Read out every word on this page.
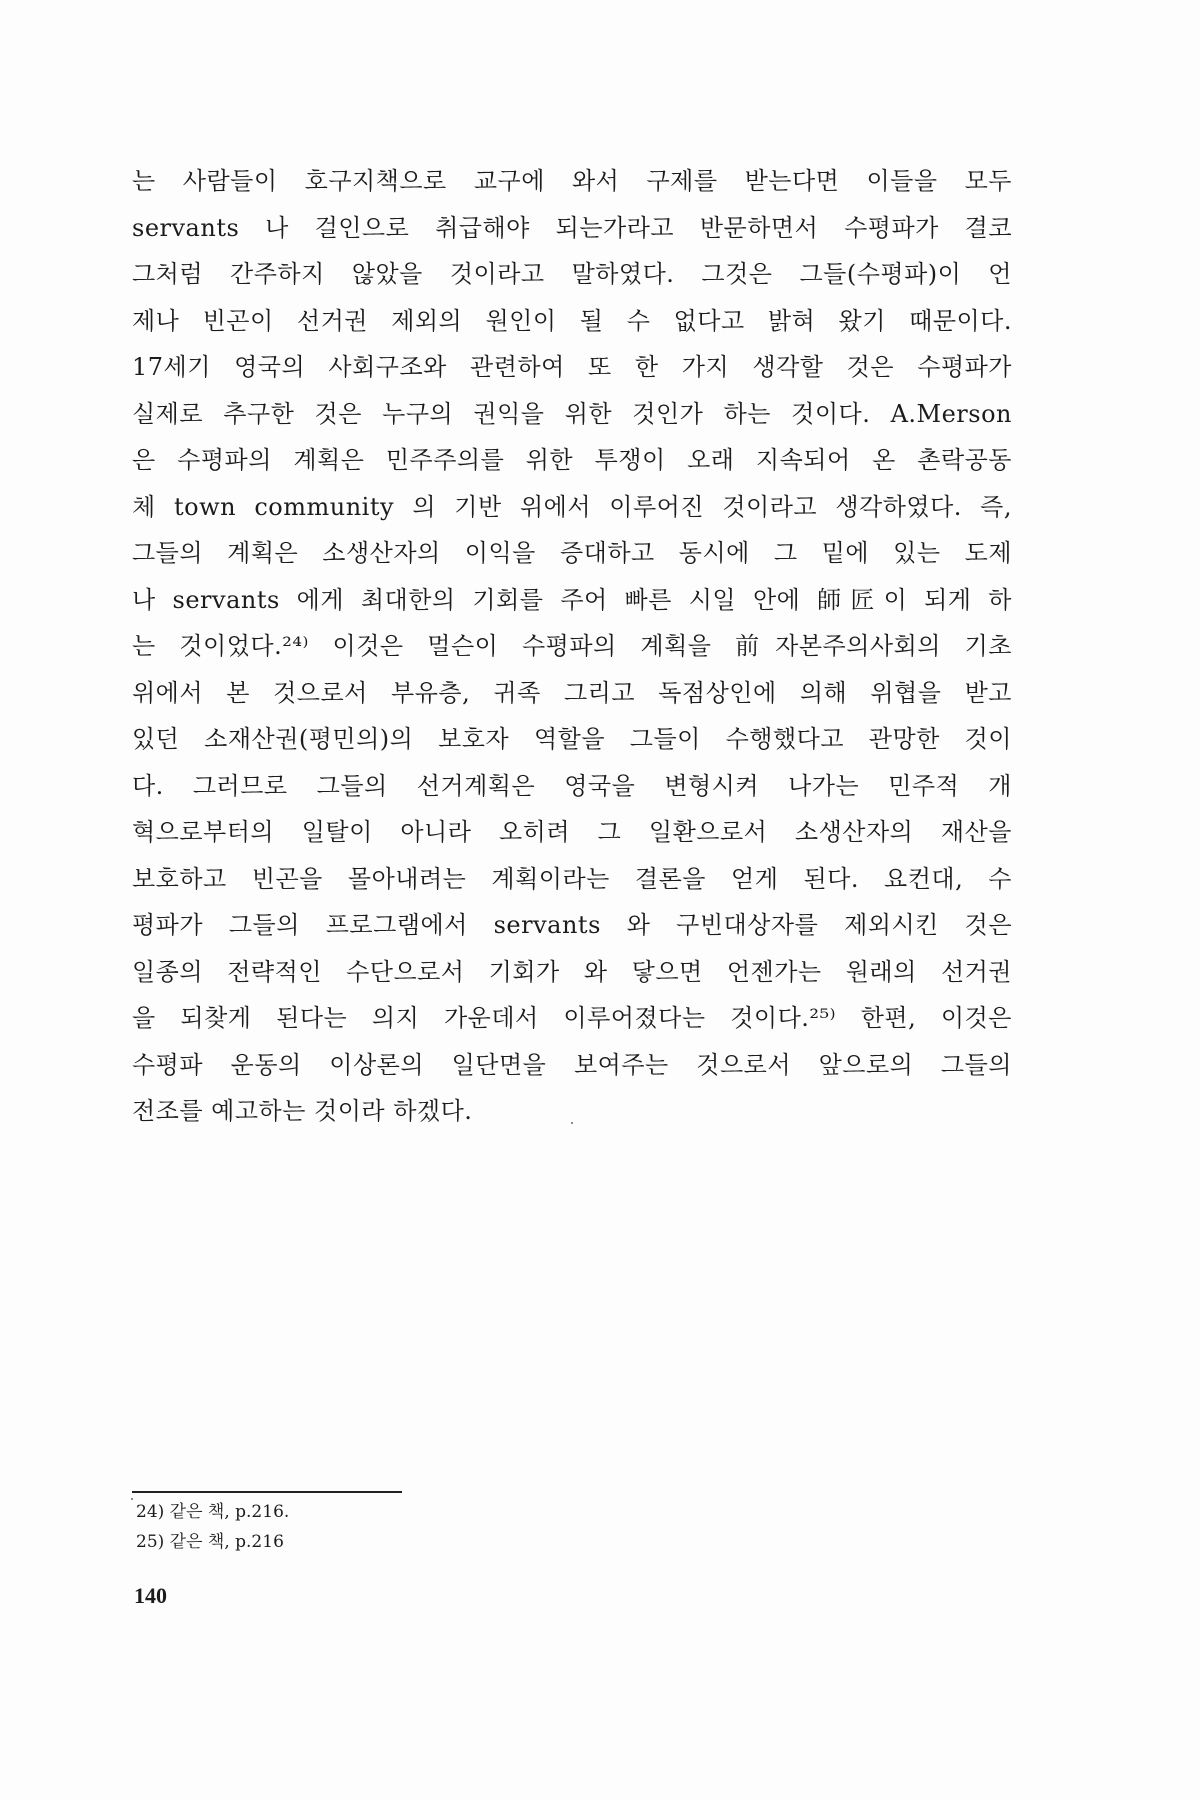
는 사람들이 호구지책으로 교구에 와서 구제를 받는다면 이들을 모두
servants 나 걸인으로 취급해야 되는가라고 반문하면서 수평파가 결코
그처럼 간주하지 않았을 것이라고 말하였다. 그것은 그들(수평파)이 언
제나 빈곤이 선거권 제외의 원인이 될 수 없다고 밝혀 왔기 때문이다.
17세기 영국의 사회구조와 관련하여 또 한 가지 생각할 것은 수평파가
실제로 추구한 것은 누구의 권익을 위한 것인가 하는 것이다. A.Merson
은 수평파의 계획은 민주주의를 위한 투쟁이 오래 지속되어 온 촌락공동
체 town community 의 기반 위에서 이루어진 것이라고 생각하였다. 즉,
그들의 계획은 소생산자의 이익을 증대하고 동시에 그 밑에 있는 도제
나 servants 에게 최대한의 기회를 주어 빠른 시일 안에 師匠이 되게 하
는 것이었다.²⁴⁾ 이것은 멀슨이 수평파의 계획을 前자본주의사회의 기초
위에서 본 것으로서 부유층, 귀족 그리고 독점상인에 의해 위협을 받고
있던 소재산권(평민의)의 보호자 역할을 그들이 수행했다고 관망한 것이
다. 그러므로 그들의 선거계획은 영국을 변형시켜 나가는 민주적 개
혁으로부터의 일탈이 아니라 오히려 그 일환으로서 소생산자의 재산을
보호하고 빈곤을 몰아내려는 계획이라는 결론을 얻게 된다. 요컨대, 수
평파가 그들의 프로그램에서 servants 와 구빈대상자를 제외시킨 것은
일종의 전략적인 수단으로서 기회가 와 닿으면 언젠가는 원래의 선거권
을 되찾게 된다는 의지 가운데서 이루어졌다는 것이다.²⁵⁾ 한편, 이것은
수평파 운동의 이상론의 일단면을 보여주는 것으로서 앞으로의 그들의
전조를 예고하는 것이라 하겠다.
24) 같은 책, p.216.
25) 같은 책, p.216
140
